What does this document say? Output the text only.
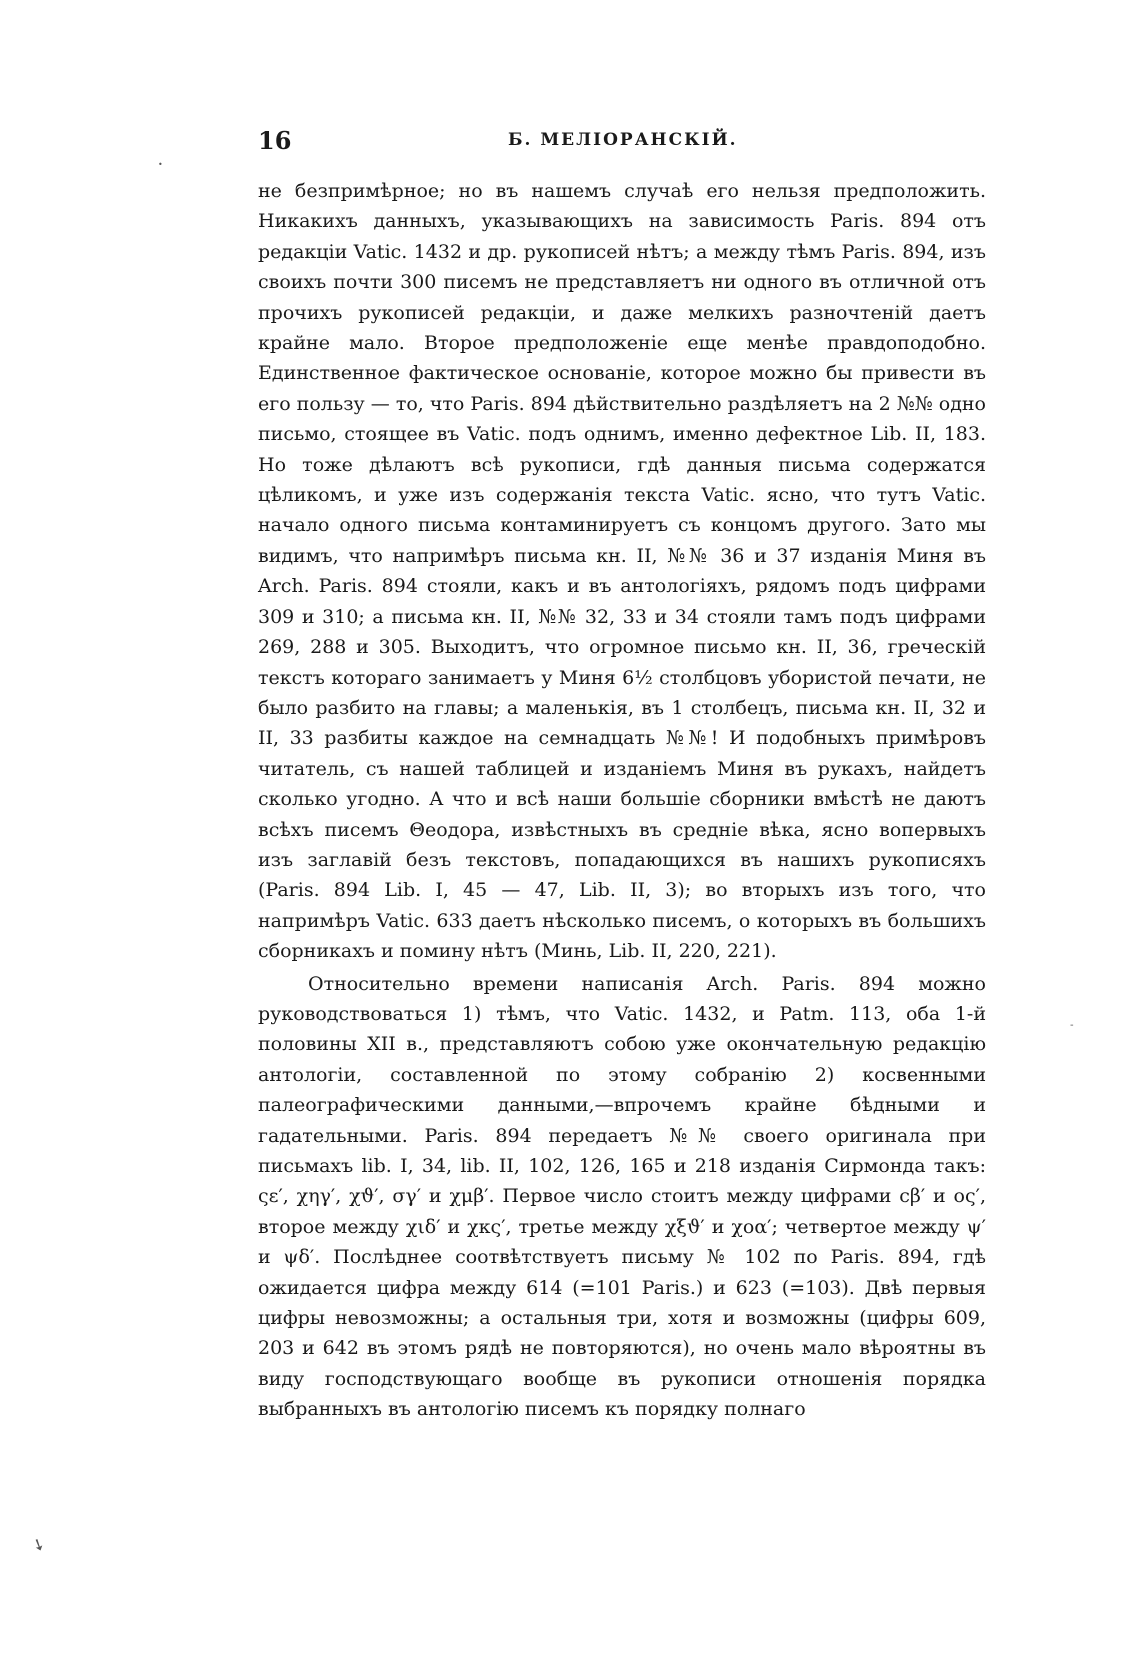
16	Б. МЕЛІОРАНСКІЙ.

не безпримѣрное; но въ нашемъ случаѣ его нельзя предположить. Никакихъ данныхъ, указывающихъ на зависимость Paris. 894 отъ редакціи Vatic. 1432 и др. рукописей нѣтъ; а между тѣмъ Paris. 894, изъ своихъ почти 300 писемъ не представляетъ ни одного въ отличной отъ прочихъ рукописей редакціи, и даже мелкихъ разночтеній даетъ крайне мало. Второе предположеніе еще менѣе правдоподобно. Единственное фактическое основаніе, которое можно бы привести въ его пользу — то, что Paris. 894 дѣйствительно раздѣляетъ на 2 №№ одно письмо, стоящее въ Vatic. подъ однимъ, именно дефектное Lib. II, 183. Но тоже дѣлаютъ всѣ рукописи, гдѣ данныя письма содержатся цѣликомъ, и уже изъ содержанія текста Vatic. ясно, что тутъ Vatic. начало одного письма контаминируетъ съ концомъ другого. Зато мы видимъ, что напримѣръ письма кн. II, №№ 36 и 37 изданія Миня въ Arch. Paris. 894 стояли, какъ и въ антологіяхъ, рядомъ подъ цифрами 309 и 310; а письма кн. II, №№ 32, 33 и 34 стояли тамъ подъ цифрами 269, 288 и 305. Выходитъ, что огромное письмо кн. II, 36, греческій текстъ котораго занимаетъ у Миня 6½ столбцовъ убористой печати, не было разбито на главы; а маленькія, въ 1 столбецъ, письма кн. II, 32 и II, 33 разбиты каждое на семнадцать №№! И подобныхъ примѣровъ читатель, съ нашей таблицей и изданіемъ Миня въ рукахъ, найдетъ сколько угодно. А что и всѣ наши большіе сборники вмѣстѣ не даютъ всѣхъ писемъ Θеодора, извѣстныхъ въ средніе вѣка, ясно вопервыхъ изъ заглавій безъ текстовъ, попадающихся въ нашихъ рукописяхъ (Paris. 894 Lib. I, 45 — 47, Lib. II, 3); во вторыхъ изъ того, что напримѣръ Vatic. 633 даетъ нѣсколько писемъ, о которыхъ въ большихъ сборникахъ и помину нѣтъ (Минь, Lib. II, 220, 221).

Относительно времени написанія Arch. Paris. 894 можно руководствоваться 1) тѣмъ, что Vatic. 1432, и Patm. 113, оба 1-й половины XII в., представляютъ собою уже окончательную редакцію антологіи, составленной по этому собранію 2) косвенными палеографическими данными,—впрочемъ крайне бѣдными и гадательными. Paris. 894 передаетъ №№ своего оригинала при письмахъ lib. I, 34, lib. II, 102, 126, 165 и 218 изданія Сирмонда такъ: ςε′, χηγ′, χϑ′, σγ′ и χμβ′. Первое число стоитъ между цифрами ϲβ′ и ος′, второе между χιδ′ и χκς′, третье между χξϑ′ и χοα′; четвертое между ψ′ и ψδ′. Послѣднее соотвѣтствуетъ письму № 102 по Paris. 894, гдѣ ожидается цифра между 614 (=101 Paris.) и 623 (=103). Двѣ первыя цифры невозможны; а остальныя три, хотя и возможны (цифры 609, 203 и 642 въ этомъ рядѣ не повторяются), но очень мало вѣроятны въ виду господствующаго вообще въ рукописи отношенія порядка выбранныхъ въ антологію писемъ къ порядку полнаго

•
-
➘
